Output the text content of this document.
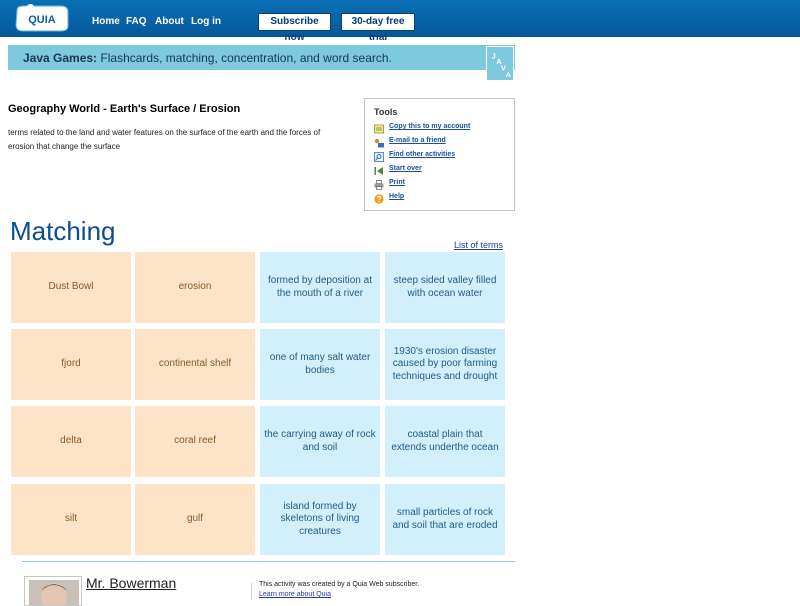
QUIA	Home FAQ About Log in	Subscribe now
30-day free trial
Java Games: Flashcards, matching, concentration, and word search.	J
A
V
A
Geography World - Earth's Surface / Erosion
terms related to the land and water features on the surface of the earth and the forces of erosion that change the surface
Tools
Copy this to my account
E-mail to a friend
Find other activities
Start over
Print
Help
Matching	List of terms
Dust Bowl	erosion
formed by deposition at the mouth of a river
steep sided valley filled with ocean water
fjord	continental shelf
one of many salt water bodies
1930's erosion disaster caused by poor farming techniques and drought
delta	coral reef
the carrying away of rock and soil
coastal plain that extends underthe ocean
silt	gulf
island formed by skeletons of living creatures
small particles of rock and soil that are eroded
Mr. Bowerman	This activity was created by a Quia Web subscriber.
Learn more about Quia
